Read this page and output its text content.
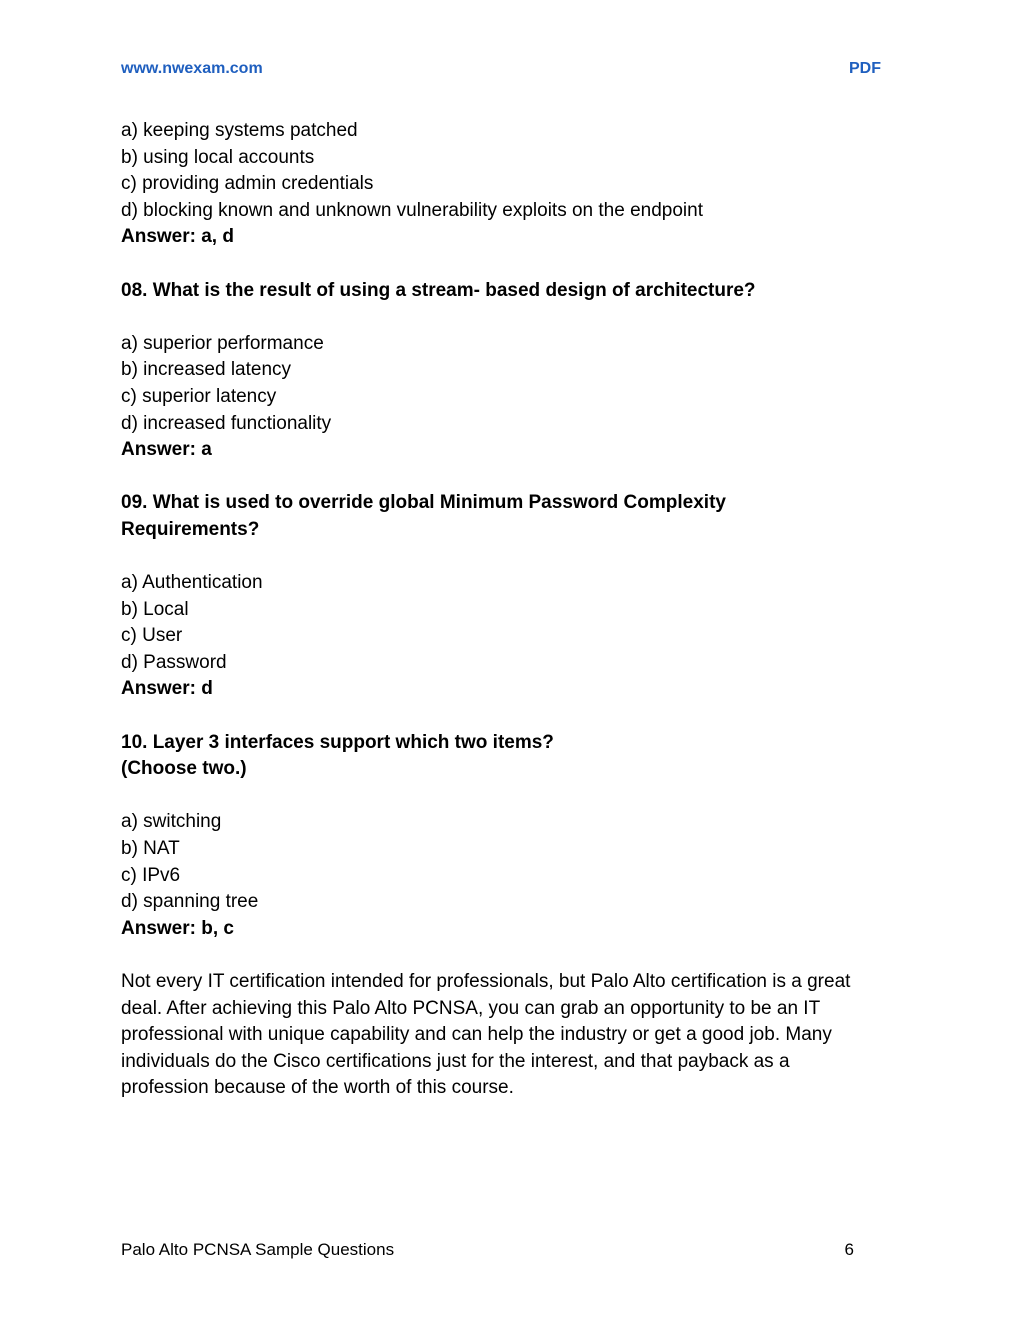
www.nwexam.com	PDF
a) keeping systems patched
b) using local accounts
c) providing admin credentials
d) blocking known and unknown vulnerability exploits on the endpoint
Answer: a, d
08. What is the result of using a stream- based design of architecture?
a) superior performance
b) increased latency
c) superior latency
d) increased functionality
Answer: a
09. What is used to override global Minimum Password Complexity
Requirements?
a) Authentication
b) Local
c) User
d) Password
Answer: d
10. Layer 3 interfaces support which two items?
(Choose two.)
a) switching
b) NAT
c) IPv6
d) spanning tree
Answer: b, c
Not every IT certification intended for professionals, but Palo Alto certification is a great
deal. After achieving this Palo Alto PCNSA, you can grab an opportunity to be an IT
professional with unique capability and can help the industry or get a good job. Many
individuals do the Cisco certifications just for the interest, and that payback as a
profession because of the worth of this course.
Palo Alto PCNSA Sample Questions	6
